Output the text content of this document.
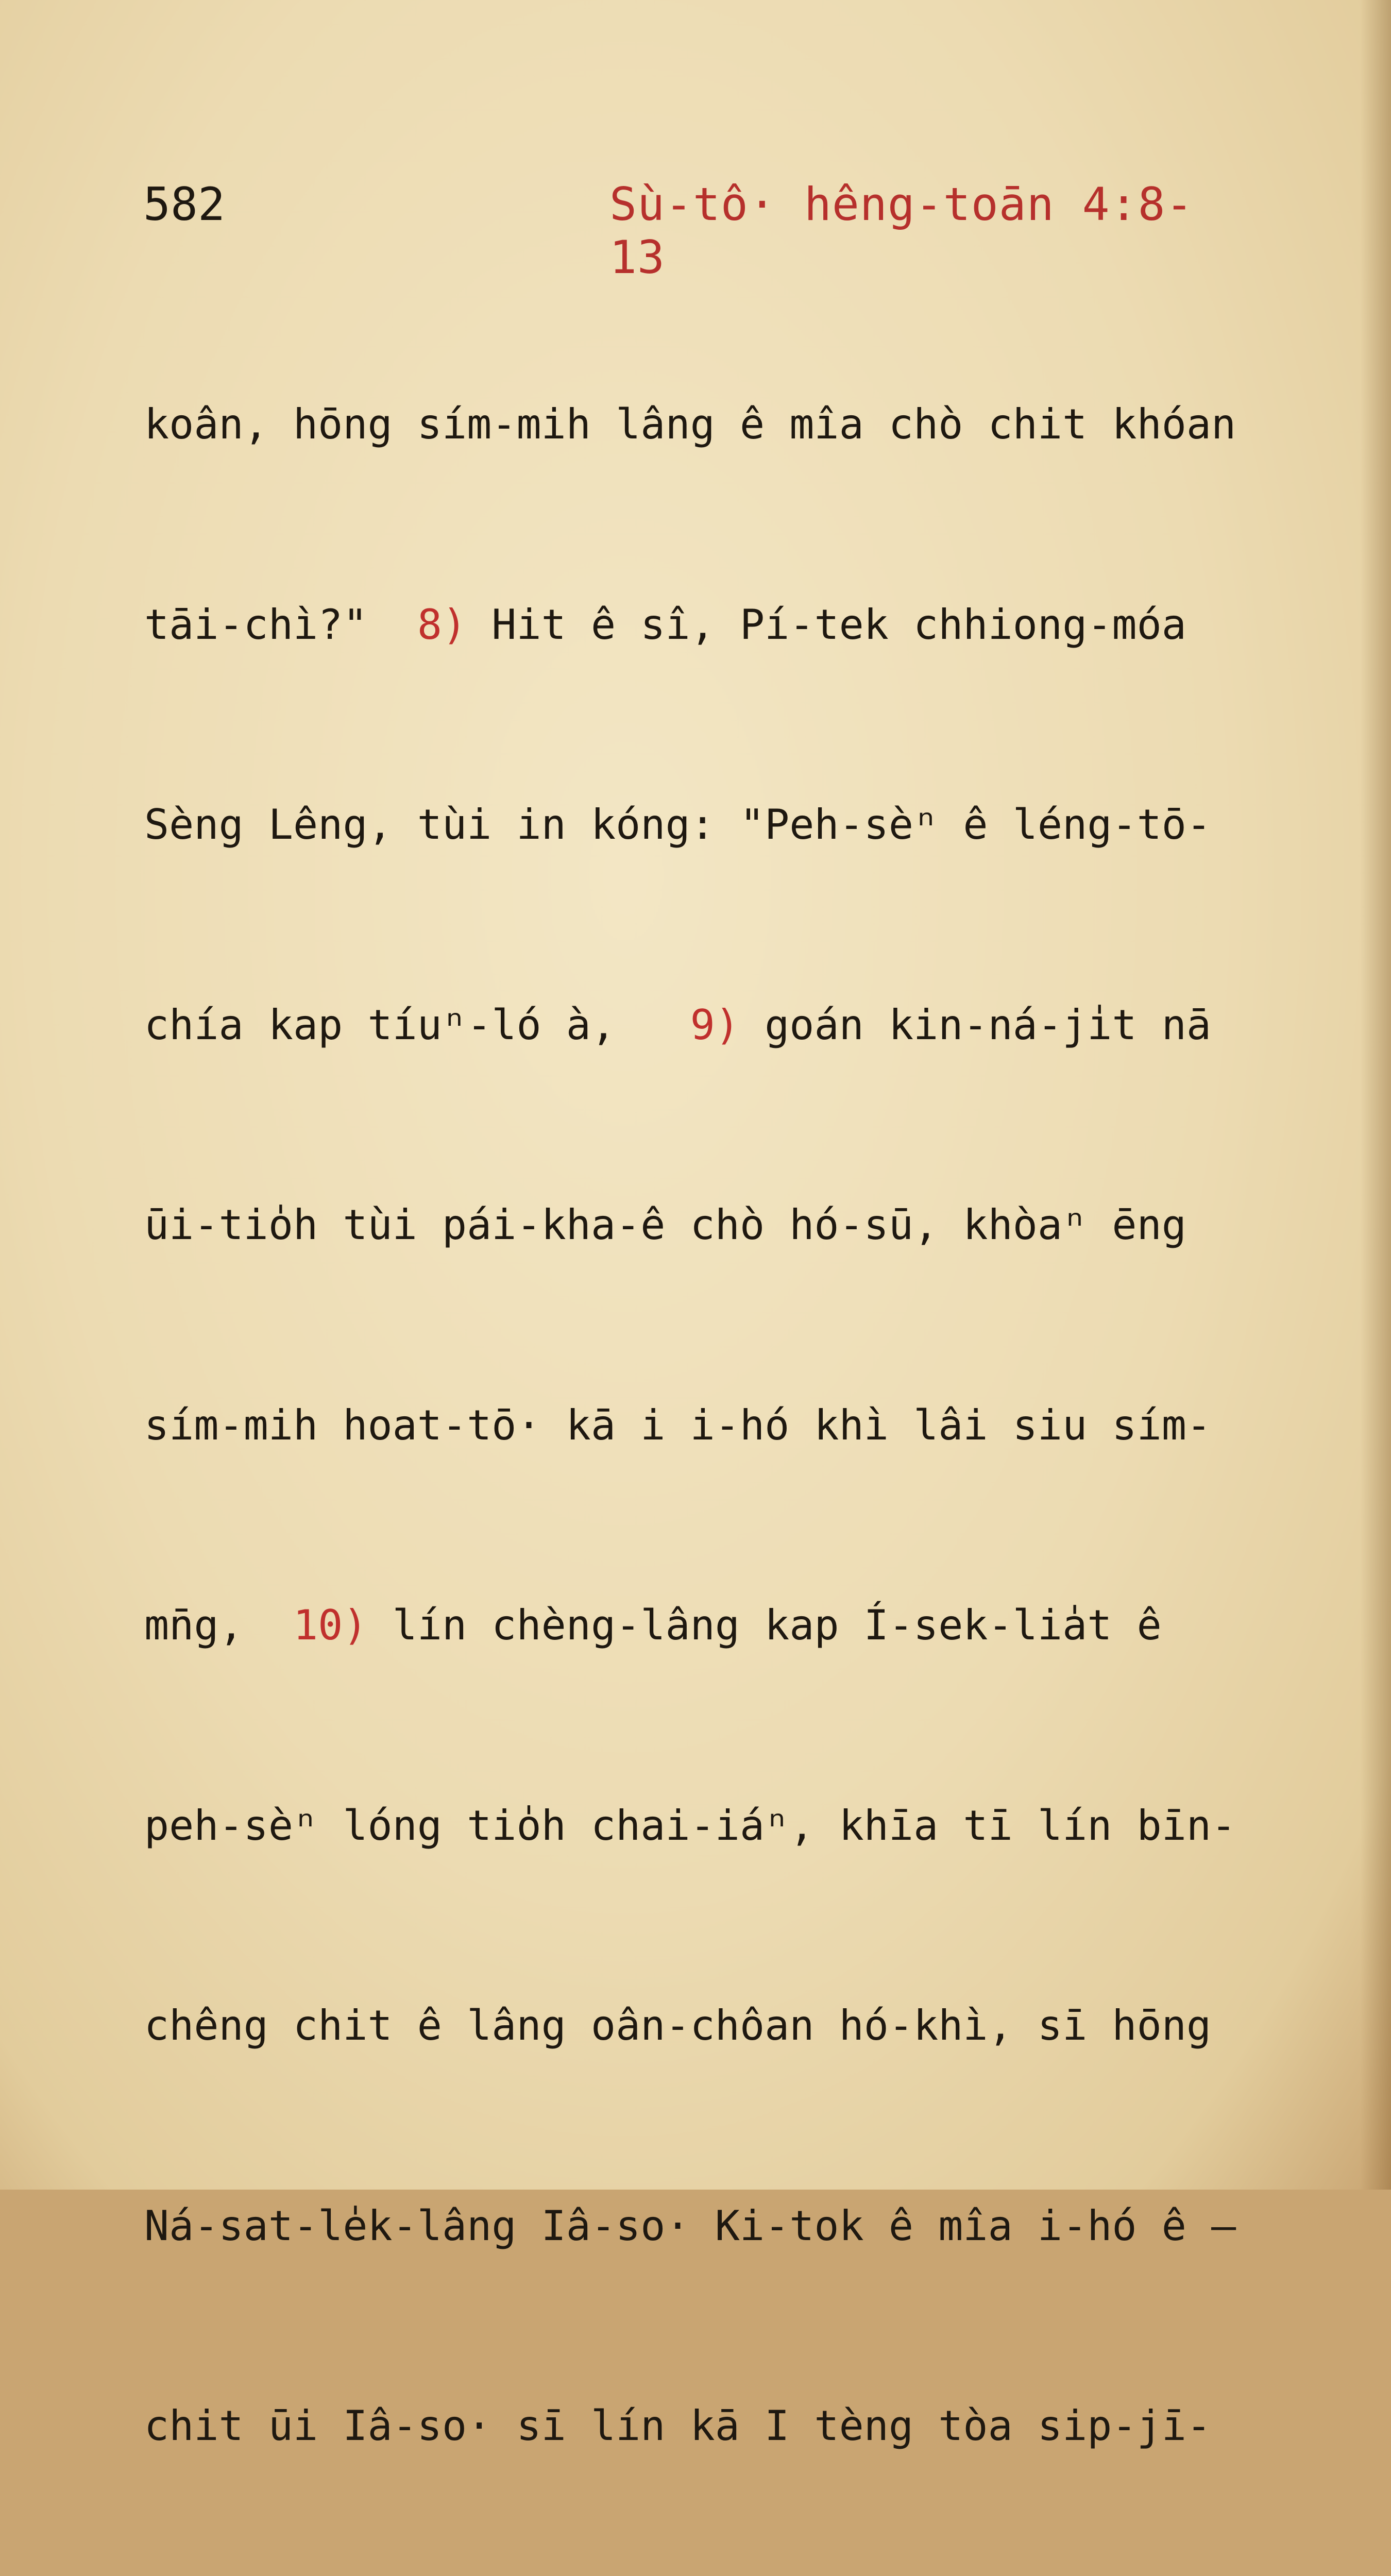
582	Sù-tô· hêng-toān 4:8-13

koân, hōng sím-mih lâng ê mîa chò chit khóan

tāi-chì?" 8) Hit ê sî, Pí-tek chhiong-móa

Sèng Lêng, tùi in kóng: "Peh-sèⁿ ê léng-tō-

chía kap tíuⁿ-ló à, 9) goán kin-ná-ji̍t nā

ūi-tio̍h tùi pái-kha-ê chò hó-sū, khòaⁿ ēng

sím-mih hoat-tō· kā i i-hó khì lâi siu sím-

mn̄g, 10) lín chèng-lâng kap Í-sek-lia̍t ê

peh-sèⁿ lóng tio̍h chai-iáⁿ, khīa tī lín bīn-

chêng chit ê lâng oân-chôan hó-khì, sī hōng

Ná-sat-le̍k-lâng Iâ-so· Ki-tok ê mîa i-hó ê —

chit ūi Iâ-so· sī lín kā I tèng tòa sip-jī-
